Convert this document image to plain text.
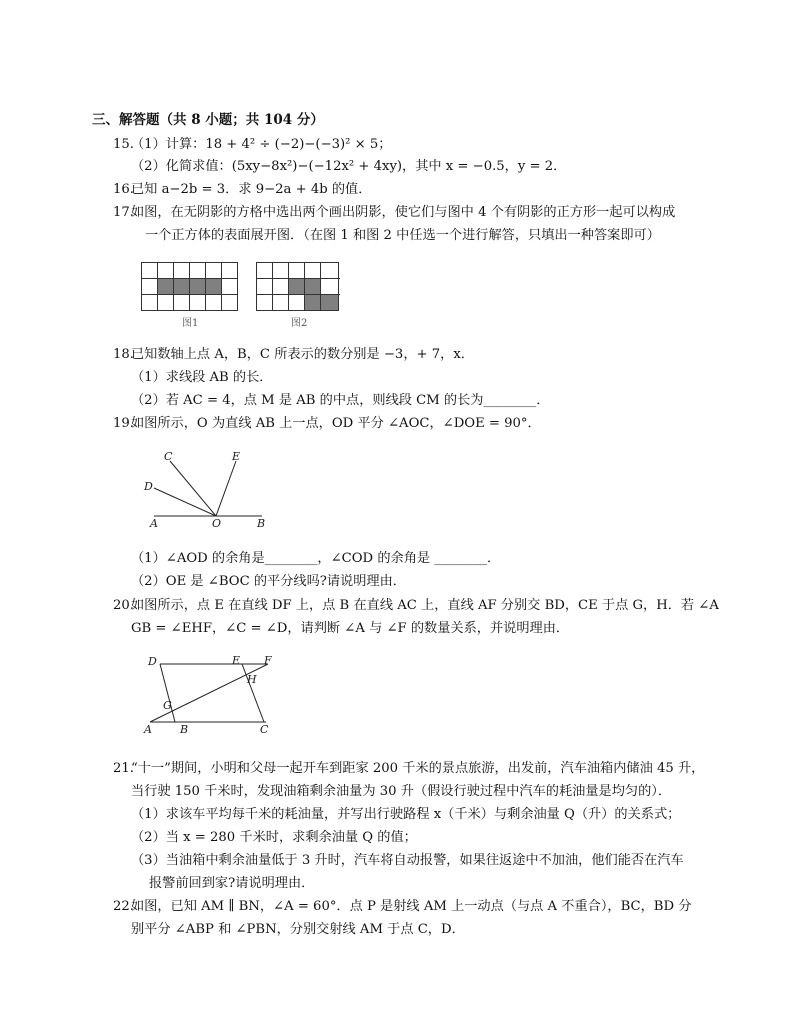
三、解答题（共 8 小题；共 104 分）
15.
（1）计算：18 + 4² ÷ (−2)−(−3)² × 5；
（2）化简求值：(5xy−8x²)−(−12x² + 4xy)，其中 x = −0.5，y = 2．
16.
已知 a−2b = 3．求 9−2a + 4b 的值．
17.
如图，在无阴影的方格中选出两个画出阴影，使它们与图中 4 个有阴影的正方形一起可以构成
一个正方体的表面展开图．（在图 1 和图 2 中任选一个进行解答，只填出一种答案即可）
图1	图2
18.
已知数轴上点 A，B，C 所表示的数分别是 −3，+ 7，x．
（1）求线段 AB 的长．
（2）若 AC = 4，点 M 是 AB 的中点，则线段 CM 的长为________．
19.
如图所示，O 为直线 AB 上一点，OD 平分 ∠AOC，∠DOE = 90°．
C	E
D
A	O	B
（1）∠AOD 的余角是________，∠COD 的余角是 ________．
（2）OE 是 ∠BOC 的平分线吗?请说明理由．
20.
如图所示，点 E 在直线 DF 上，点 B 在直线 AC 上，直线 AF 分别交 BD，CE 于点 G，H．若 ∠A
GB = ∠EHF，∠C = ∠D，请判断 ∠A 与 ∠F 的数量关系，并说明理由．
D	E F
H
G
A	B	C
21.
“十一”期间，小明和父母一起开车到距家 200 千米的景点旅游，出发前，汽车油箱内储油 45 升，
当行驶 150 千米时，发现油箱剩余油量为 30 升（假设行驶过程中汽车的耗油量是均匀的）．
（1）求该车平均每千米的耗油量，并写出行驶路程 x（千米）与剩余油量 Q（升）的关系式；
（2）当 x = 280 千米时，求剩余油量 Q 的值；
（3）当油箱中剩余油量低于 3 升时，汽车将自动报警，如果往返途中不加油，他们能否在汽车
报警前回到家?请说明理由．
22.
如图，已知 AM ∥ BN，∠A = 60°．点 P 是射线 AM 上一动点（与点 A 不重合），BC，BD 分
别平分 ∠ABP 和 ∠PBN，分别交射线 AM 于点 C，D．
